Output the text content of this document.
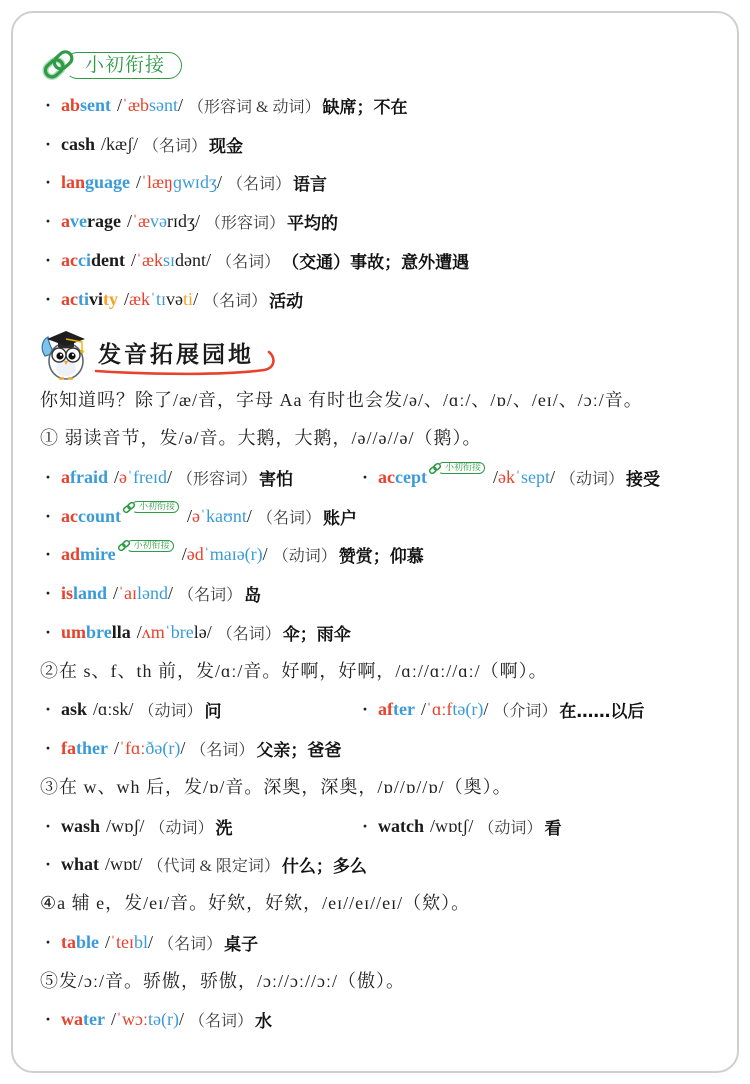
小初衔接
· absent /ˈæbsənt/ （形容词 & 动词） 缺席；不在
· cash /kæʃ/ （名词） 现金
· language /ˈlæŋɡwɪdʒ/ （名词） 语言
· average /ˈævərɪdʒ/ （形容词） 平均的
· accident /ˈæksɪdənt/ （名词） （交通）事故；意外遭遇
· activity /ækˈtɪvəti/ （名词） 活动
发音拓展园地
你知道吗？除了/æ/音，字母 Aa 有时也会发/ə/、/ɑː/、/ɒ/、/eɪ/、/ɔː/音。
① 弱读音节，发/ə/音。大鹅，大鹅，/ə//ə//ə/（鹅）。
· afraid /əˈfreɪd/ （形容词） 害怕	· accept	小初衔接 /əkˈsept/ （动词） 接受
· account	小初衔接 /əˈkaʊnt/ （名词） 账户
· admire	小初衔接 /ədˈmaɪə(r)/ （动词） 赞赏；仰慕
· island /ˈaɪlənd/ （名词） 岛
· umbrella /ʌmˈbrelə/ （名词） 伞；雨伞
②在 s、f、th 前，发/ɑː/音。好啊，好啊，/ɑː//ɑː//ɑː/（啊）。
· ask /ɑːsk/ （动词） 问	· after /ˈɑːftə(r)/ （介词） 在……以后
· father /ˈfɑːðə(r)/ （名词） 父亲；爸爸
③在 w、wh 后，发/ɒ/音。深奥，深奥，/ɒ//ɒ//ɒ/（奥）。
· wash /wɒʃ/ （动词） 洗	· watch /wɒtʃ/ （动词） 看
· what /wɒt/ （代词 & 限定词） 什么；多么
④a 辅 e，发/eɪ/音。好欸，好欸，/eɪ//eɪ//eɪ/（欸）。
· table /ˈteɪbl/ （名词） 桌子
⑤发/ɔː/音。骄傲，骄傲，/ɔː//ɔː//ɔː/（傲）。
· water /ˈwɔːtə(r)/ （名词） 水
